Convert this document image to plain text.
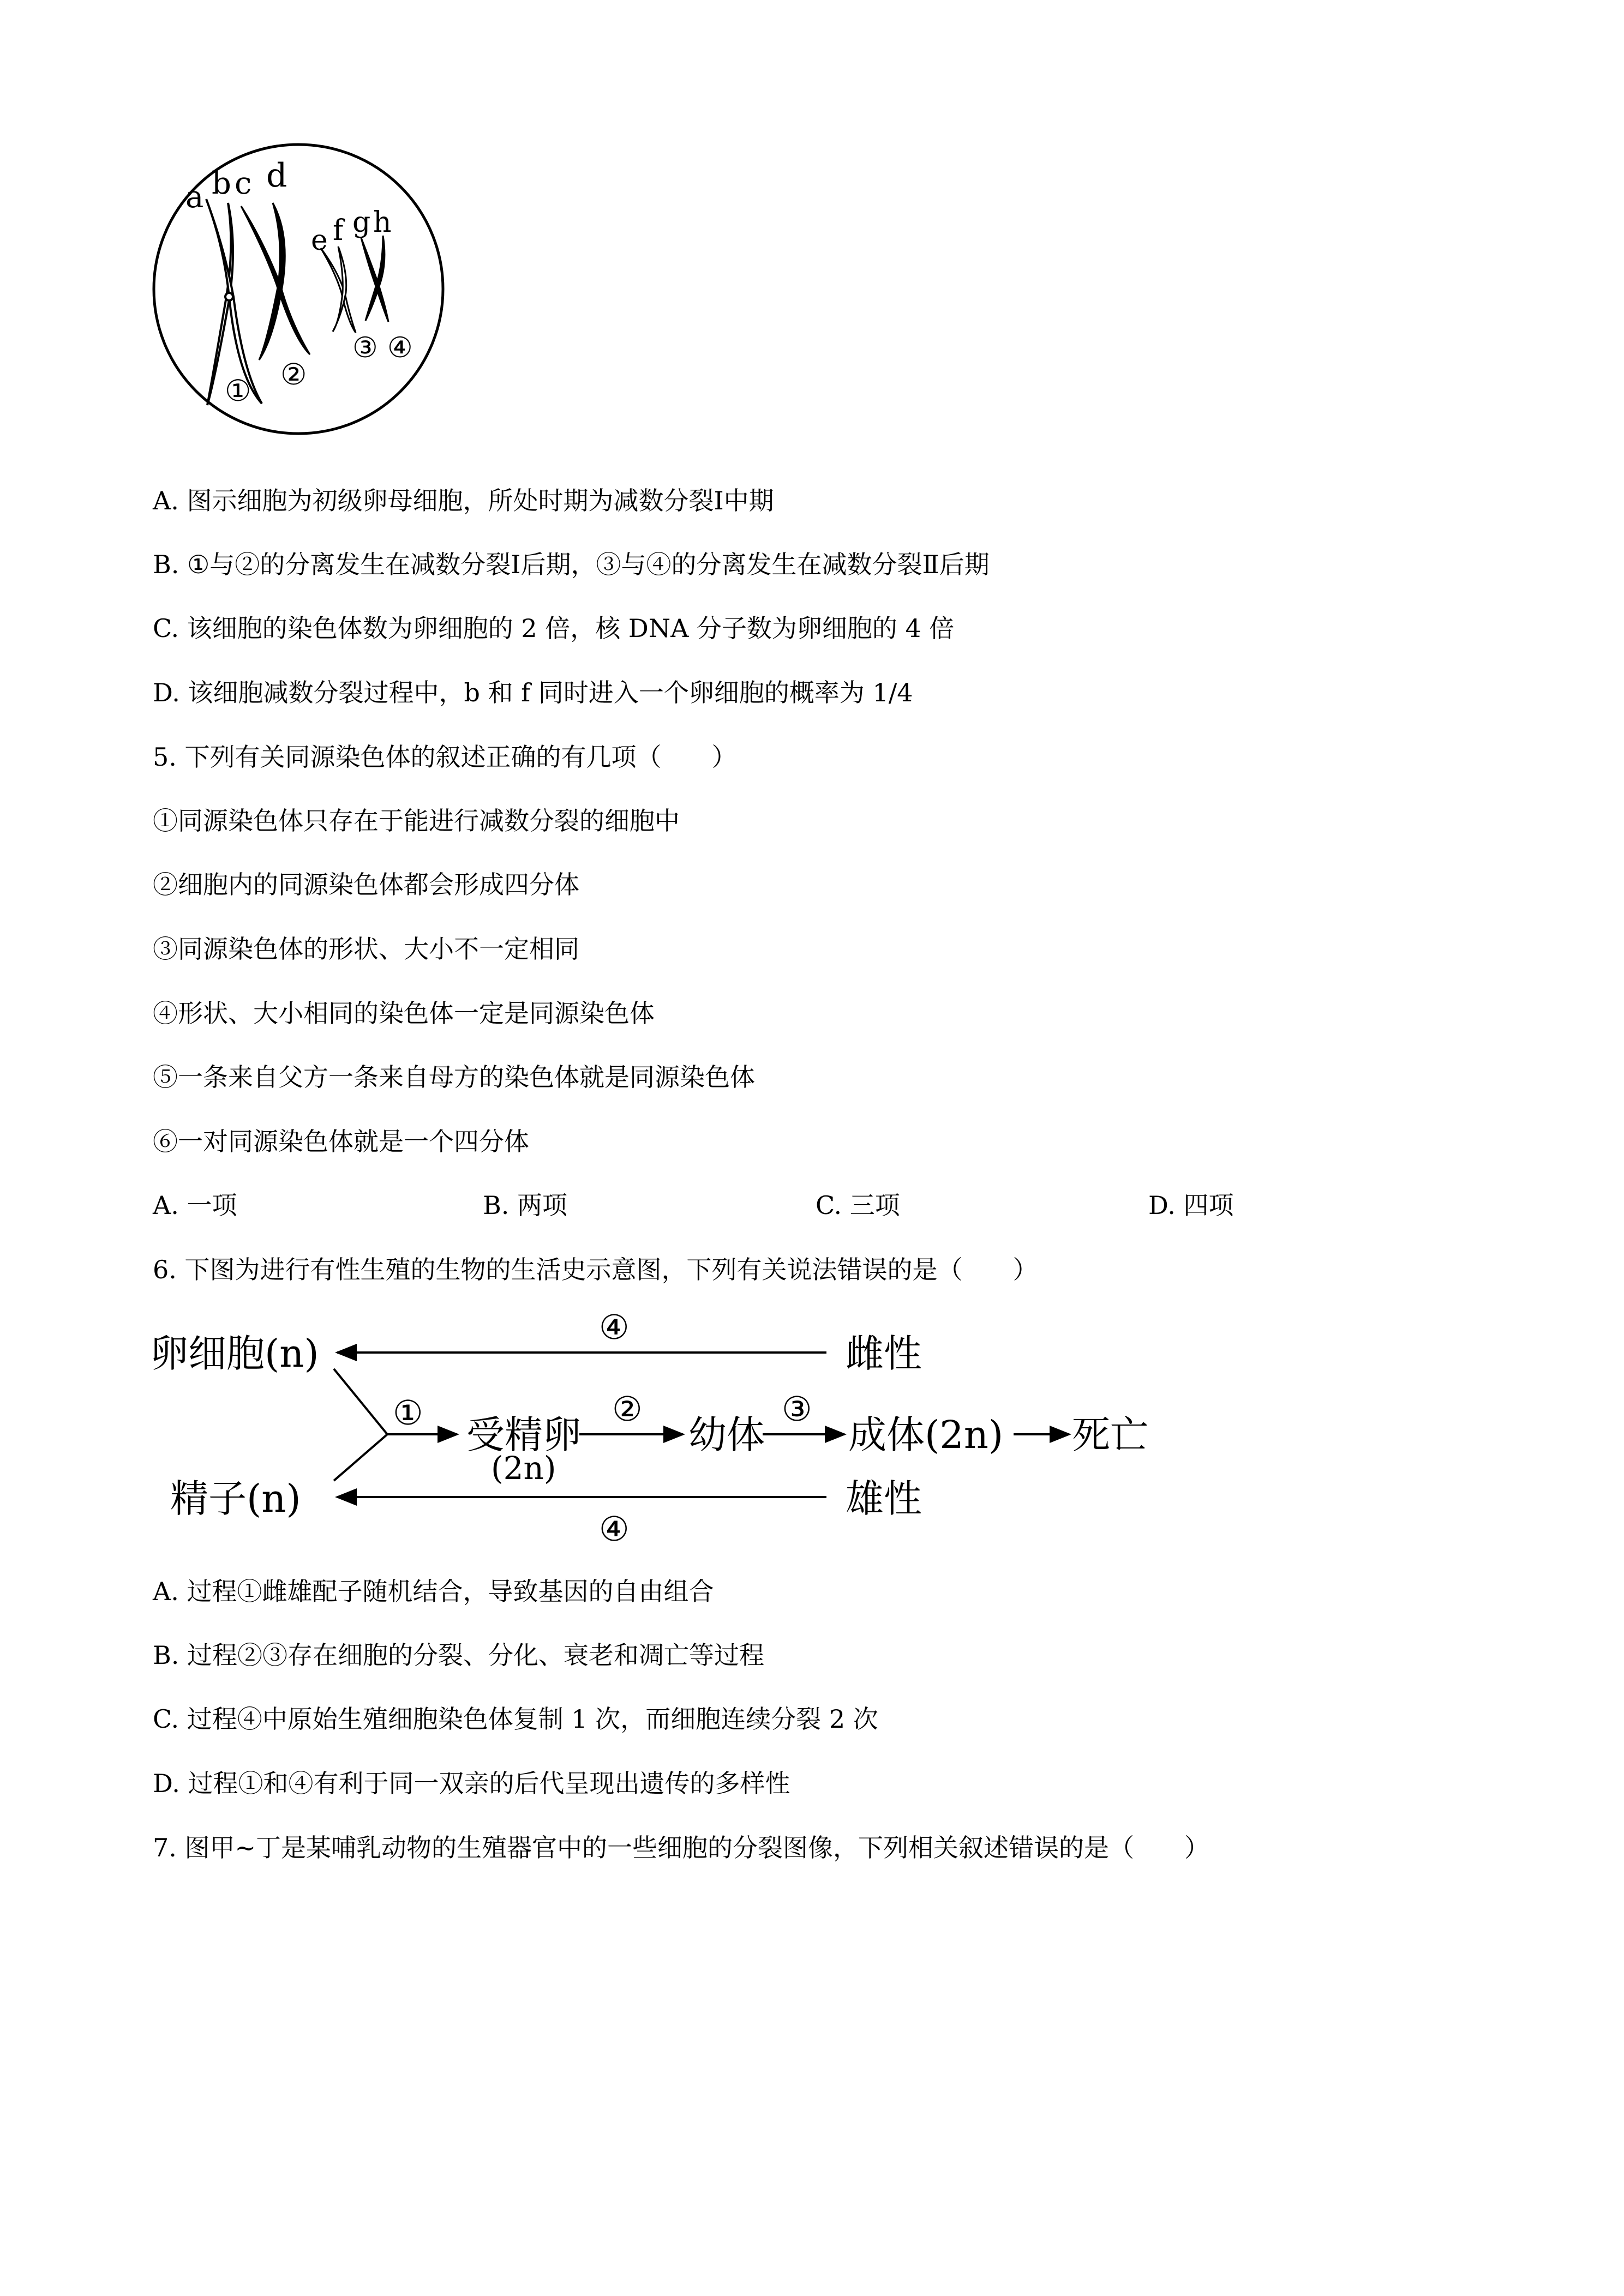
a b c d
e f g h
① ②
③ ④
A. 图示细胞为初级卵母细胞，所处时期为减数分裂Ⅰ中期
B. ①与②的分离发生在减数分裂Ⅰ后期，③与④的分离发生在减数分裂Ⅱ后期
C. 该细胞的染色体数为卵细胞的 2 倍，核 DNA 分子数为卵细胞的 4 倍
D. 该细胞减数分裂过程中，b 和 f 同时进入一个卵细胞的概率为 1/4
5. 下列有关同源染色体的叙述正确的有几项（　　）
①同源染色体只存在于能进行减数分裂的细胞中
②细胞内的同源染色体都会形成四分体
③同源染色体的形状、大小不一定相同
④形状、大小相同的染色体一定是同源染色体
⑤一条来自父方一条来自母方的染色体就是同源染色体
⑥一对同源染色体就是一个四分体
A. 一项	B. 两项	C. 三项	D. 四项
6. 下图为进行有性生殖的生物的生活史示意图，下列有关说法错误的是（　　）
卵细胞(n)
精子(n)
雌性
雄性
受精卵
(2n)
幼体 成体(2n) 死亡
①	②	③
④
④
A. 过程①雌雄配子随机结合，导致基因的自由组合
B. 过程②③存在细胞的分裂、分化、衰老和凋亡等过程
C. 过程④中原始生殖细胞染色体复制 1 次，而细胞连续分裂 2 次
D. 过程①和④有利于同一双亲的后代呈现出遗传的多样性
7. 图甲~丁是某哺乳动物的生殖器官中的一些细胞的分裂图像，下列相关叙述错误的是（　　）
